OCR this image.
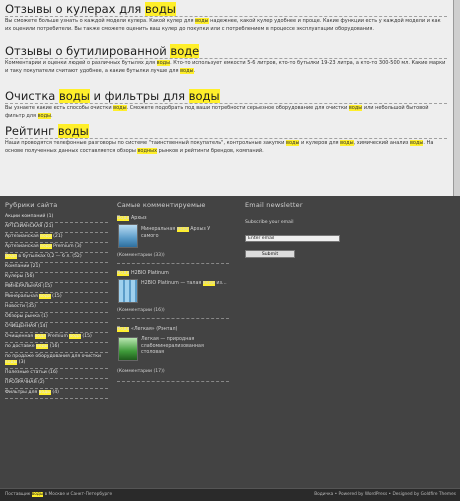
Отзывы о кулерах для воды

Вы сможете больше узнать о каждой модели кулера. Какой кулер для воды надежнее, какой кулер удобнее и проще. Какие функции есть у каждой модели и как их оценили потребители. Вы также сможете оценить ваш кулер до покупки или с потреблением в процессе эксплуатации оборудования.

Отзывы о бутилированной воде

Комментарии и оценки людей о различных бутылях для воды. Кто-то использует емкости 5-6 литров, кто-то бутылки 19-23 литра, а кто-то 300-500 мл. Какие марки и таку покупатели считают удобнее, а какие бутылки лучше для воды.

Очистка воды и фильтры для воды

Вы узнаете какие есть способы очистки воды. Сможете подобрать под ваши потребности серьезное оборудование для очистки воды или небольшой бытовой фильтр для воды.

Рейтинг воды

Наши проводятся телефонные разговоры по системе "таинственный покупатель", контрольные закупки воды и кулеров для воды, химический анализ воды. На основе полученных данных составляется обзоры водных рынков и рейтинги брендов, компаний.

Рубрики сайта
Акции компаний (1)
АРТЕЗИАНСКАЯ (21)
Артезианская вода (21)
Артезианская вода Premium (3)
Вода в бутылках 0,2 — 6 л. (52)
Компании (21)
Кулеры (56)
МИНЕРАЛЬНАЯ (15)
Минеральная вода (15)
Новости (35)
Обзоры рынка (1)
ОЧИЩЕННАЯ (14)
Очищенная вода Premium вода (15)
по доставке воды (16)
по продаже оборудования для очистки воды (3)
Полезные статьи (16)
ПРОЗРАЧНАЯ (2)
Фильтры для воды (4)
Самые комментируемые
Вода Архыз
Минеральная вода Архыз У самого
(Комментарии (33))
Вода H2BIO Platinum
H2BIO Platinum — талая вода из...
(Комментарии (16))
Вода «Легкая» (Рэнтал)
Легкая — природная слабоминерализованная столовая
(Комментарии (17))
Email newsletter
Subscribe your email
Enter email
Submit
Поставщик воды в Москве и Санкт-Петербурге	Водичка • Powered by WordPress • Designed by Goldfire Themes
